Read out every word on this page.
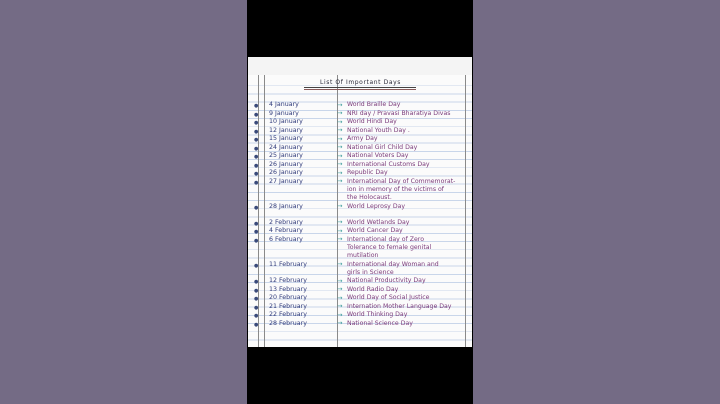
List Of Important Days
● 4 January	→ World Braille Day
● 9 January	→ NRI day / Pravasi Bharatiya Divas
● 10 January	→ World Hindi Day
● 12 January	→ National Youth Day .
● 15 January	→ Army Day
● 24 January	→ National Girl Child Day
● 25 January	→ National Voters Day
● 26 January	→ International Customs Day
● 26 January	→ Republic Day
● 27 January	→ International Day of Commemorat-
ion in memory of the victims of
the Holocaust.
● 28 January	→ World Leprosy Day
● 2 February	→ World Wetlands Day
● 4 February	→ World Cancer Day
● 6 February	→ International day of Zero
Tolerance to female genital
mutilation
● 11 February	→ International day Woman and
girls in Science
● 12 February	→ National Productivity Day
● 13 February	→ World Radio Day
● 20 February	→ World Day of Social Justice
● 21 February	→ Internation Mother Language Day
● 22 February	→ World Thinking Day
● 28 February	→ National Science Day
